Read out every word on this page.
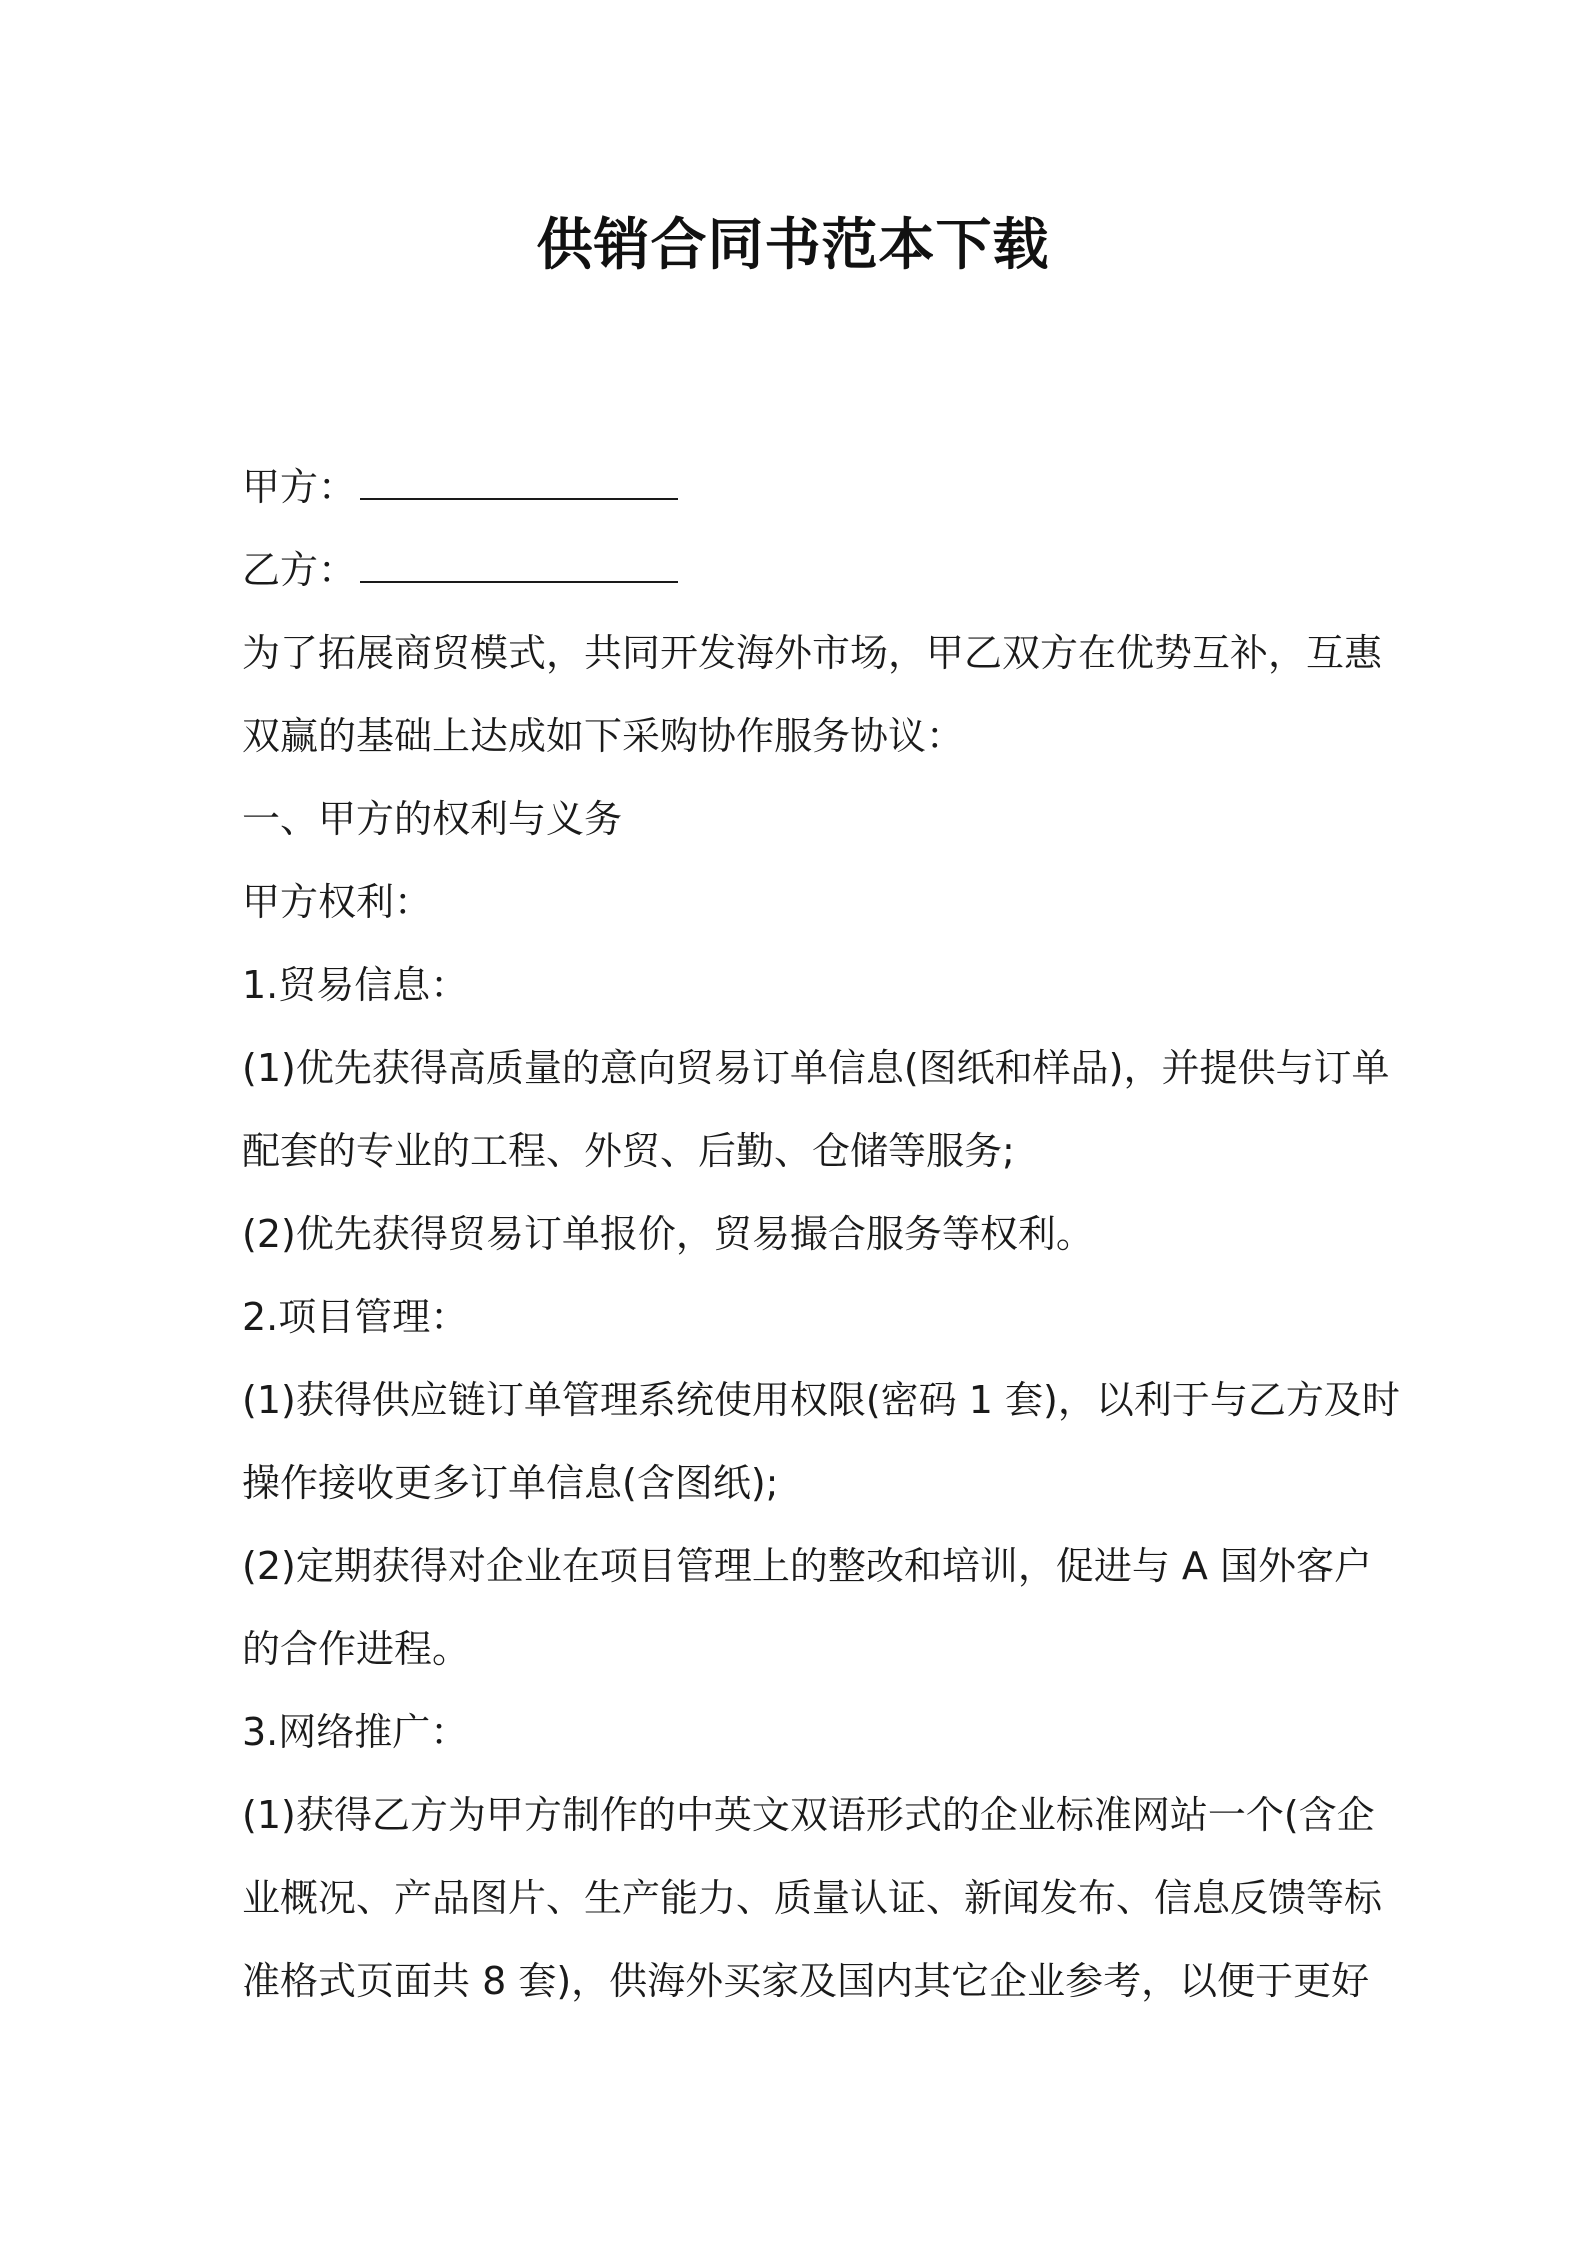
供销合同书范本下载
甲方：
乙方：
为了拓展商贸模式，共同开发海外市场，甲乙双方在优势互补，互惠
双赢的基础上达成如下采购协作服务协议：
一、甲方的权利与义务
甲方权利：
1.贸易信息：
(1)优先获得高质量的意向贸易订单信息(图纸和样品)，并提供与订单
配套的专业的工程、外贸、后勤、仓储等服务;
(2)优先获得贸易订单报价，贸易撮合服务等权利。
2.项目管理：
(1)获得供应链订单管理系统使用权限(密码 1 套)，以利于与乙方及时
操作接收更多订单信息(含图纸);
(2)定期获得对企业在项目管理上的整改和培训，促进与 A 国外客户
的合作进程。
3.网络推广：
(1)获得乙方为甲方制作的中英文双语形式的企业标准网站一个(含企
业概况、产品图片、生产能力、质量认证、新闻发布、信息反馈等标
准格式页面共 8 套)，供海外买家及国内其它企业参考，以便于更好
